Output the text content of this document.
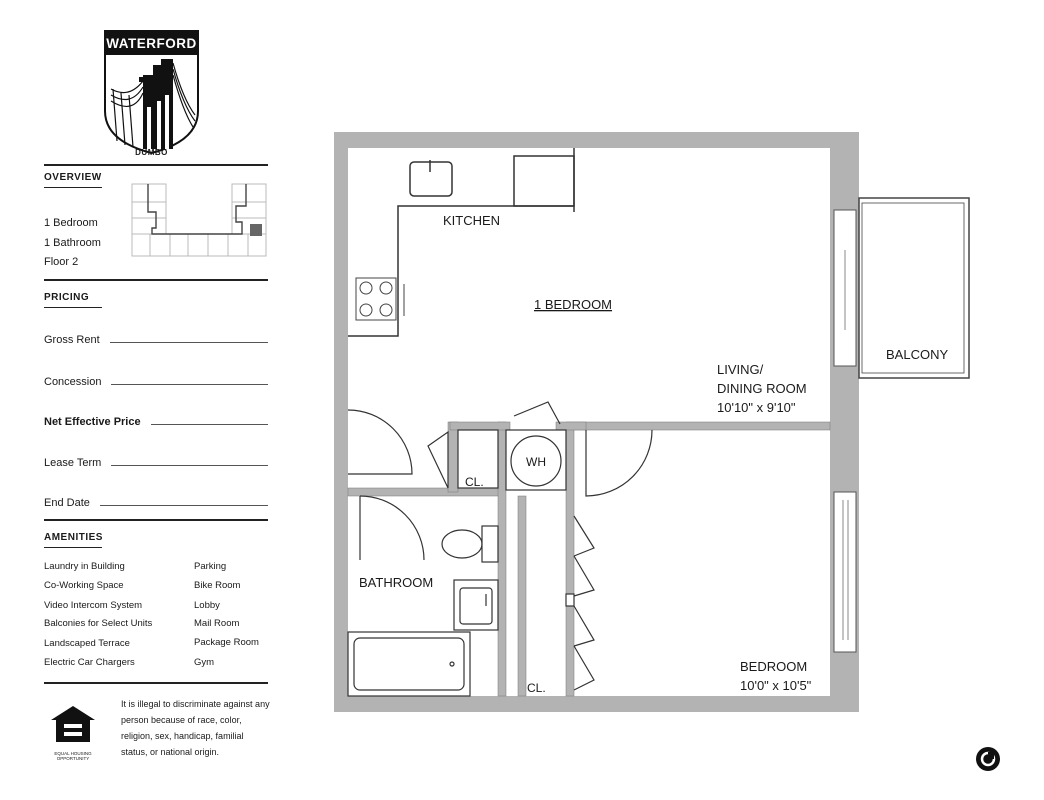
WATERFORD
DUMBO
OVERVIEW
1 Bedroom
1 Bathroom
Floor 2
PRICING
Gross Rent
Concession
Net Effective Price
Lease Term
End Date
AMENITIES
Laundry in Building
Co-Working Space
Video Intercom System
Balconies for Select Units
Landscaped Terrace
Electric Car Chargers
Parking
Bike Room
Lobby
Mail Room
Package Room
Gym
EQUAL HOUSING OPPORTUNITY
It is illegal to discriminate against any person because of race, color, religion, sex, handicap, familial status, or national origin.
KITCHEN
1 BEDROOM
LIVING/
DINING ROOM
10'10" x 9'10"
BALCONY
CL.
WH
BATHROOM
CL.
BEDROOM
10'0" x 10'5"
